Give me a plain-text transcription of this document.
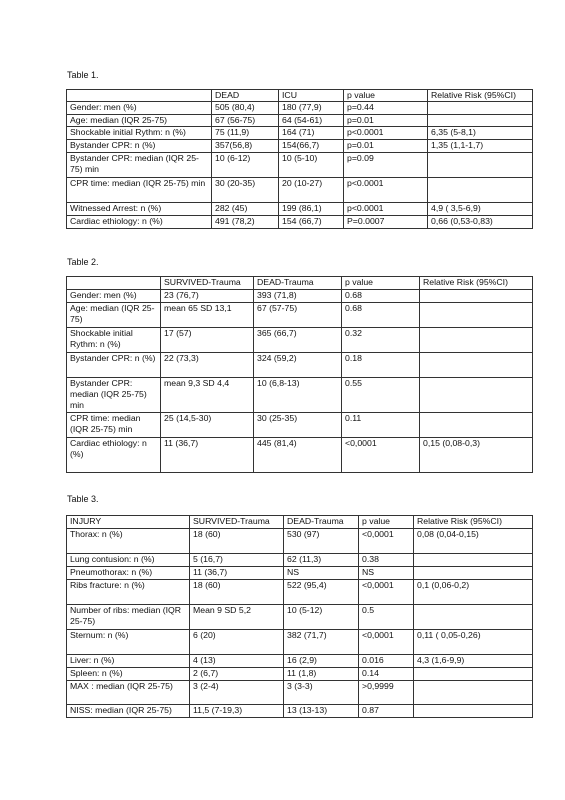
Table 1.
	DEAD	ICU	p value	Relative Risk (95%CI)
Gender: men (%)	505 (80,4)	180 (77,9)	p=0.44	
Age: median (IQR 25-75)	67 (56-75)	64 (54-61)	p=0.01	
Shockable initial Rythm: n (%)	75 (11,9)	164 (71)	p<0.0001	6,35 (5-8,1)
Bystander CPR: n (%)	357(56,8)	154(66,7)	p=0.01	1,35 (1,1-1,7)
Bystander CPR: median (IQR 25-75) min	10 (6-12)	10 (5-10)	p=0.09	
CPR time: median (IQR 25-75) min	30 (20-35)	20 (10-27)	p<0.0001	
Witnessed Arrest: n (%)	282 (45)	199 (86,1)	p<0.0001	4,9 ( 3,5-6,9)
Cardiac ethiology: n (%)	491 (78,2)	154 (66,7)	P=0.0007	0,66 (0,53-0,83)
Table 2.
	SURVIVED-Trauma	DEAD-Trauma	p value	Relative Risk (95%CI)
Gender: men (%)	23 (76,7)	393 (71,8)	0.68	
Age: median (IQR 25-75)	mean 65 SD 13,1	67 (57-75)	0.68	
Shockable initial Rythm: n (%)	17 (57)	365 (66,7)	0.32	
Bystander CPR: n (%)	22 (73,3)	324 (59,2)	0.18	
Bystander CPR: median (IQR 25-75) min	mean 9,3 SD 4,4	10 (6,8-13)	0.55	
CPR time: median (IQR 25-75) min	25 (14,5-30)	30 (25-35)	0.11	
Cardiac ethiology: n (%)	11 (36,7)	445 (81,4)	<0,0001	0,15 (0,08-0,3)
Table 3.
INJURY	SURVIVED-Trauma	DEAD-Trauma	p value	Relative Risk (95%CI)
Thorax: n (%)	18 (60)	530 (97)	<0,0001	0,08 (0,04-0,15)
Lung contusion: n (%)	5 (16,7)	62 (11,3)	0.38	
Pneumothorax: n (%)	11 (36,7)	NS	NS	
Ribs fracture: n (%)	18 (60)	522 (95,4)	<0,0001	0,1 (0,06-0,2)
Number of ribs: median (IQR 25-75)	Mean 9 SD 5,2	10 (5-12)	0.5	
Sternum: n (%)	6 (20)	382 (71,7)	<0,0001	0,11 ( 0,05-0,26)
Liver: n (%)	4 (13)	16 (2,9)	0.016	4,3 (1,6-9,9)
Spleen: n (%)	2 (6,7)	11 (1,8)	0.14	
MAX : median (IQR 25-75)	3 (2-4)	3 (3-3)	>0,9999	
NISS: median (IQR 25-75)	11,5 (7-19,3)	13 (13-13)	0.87	
